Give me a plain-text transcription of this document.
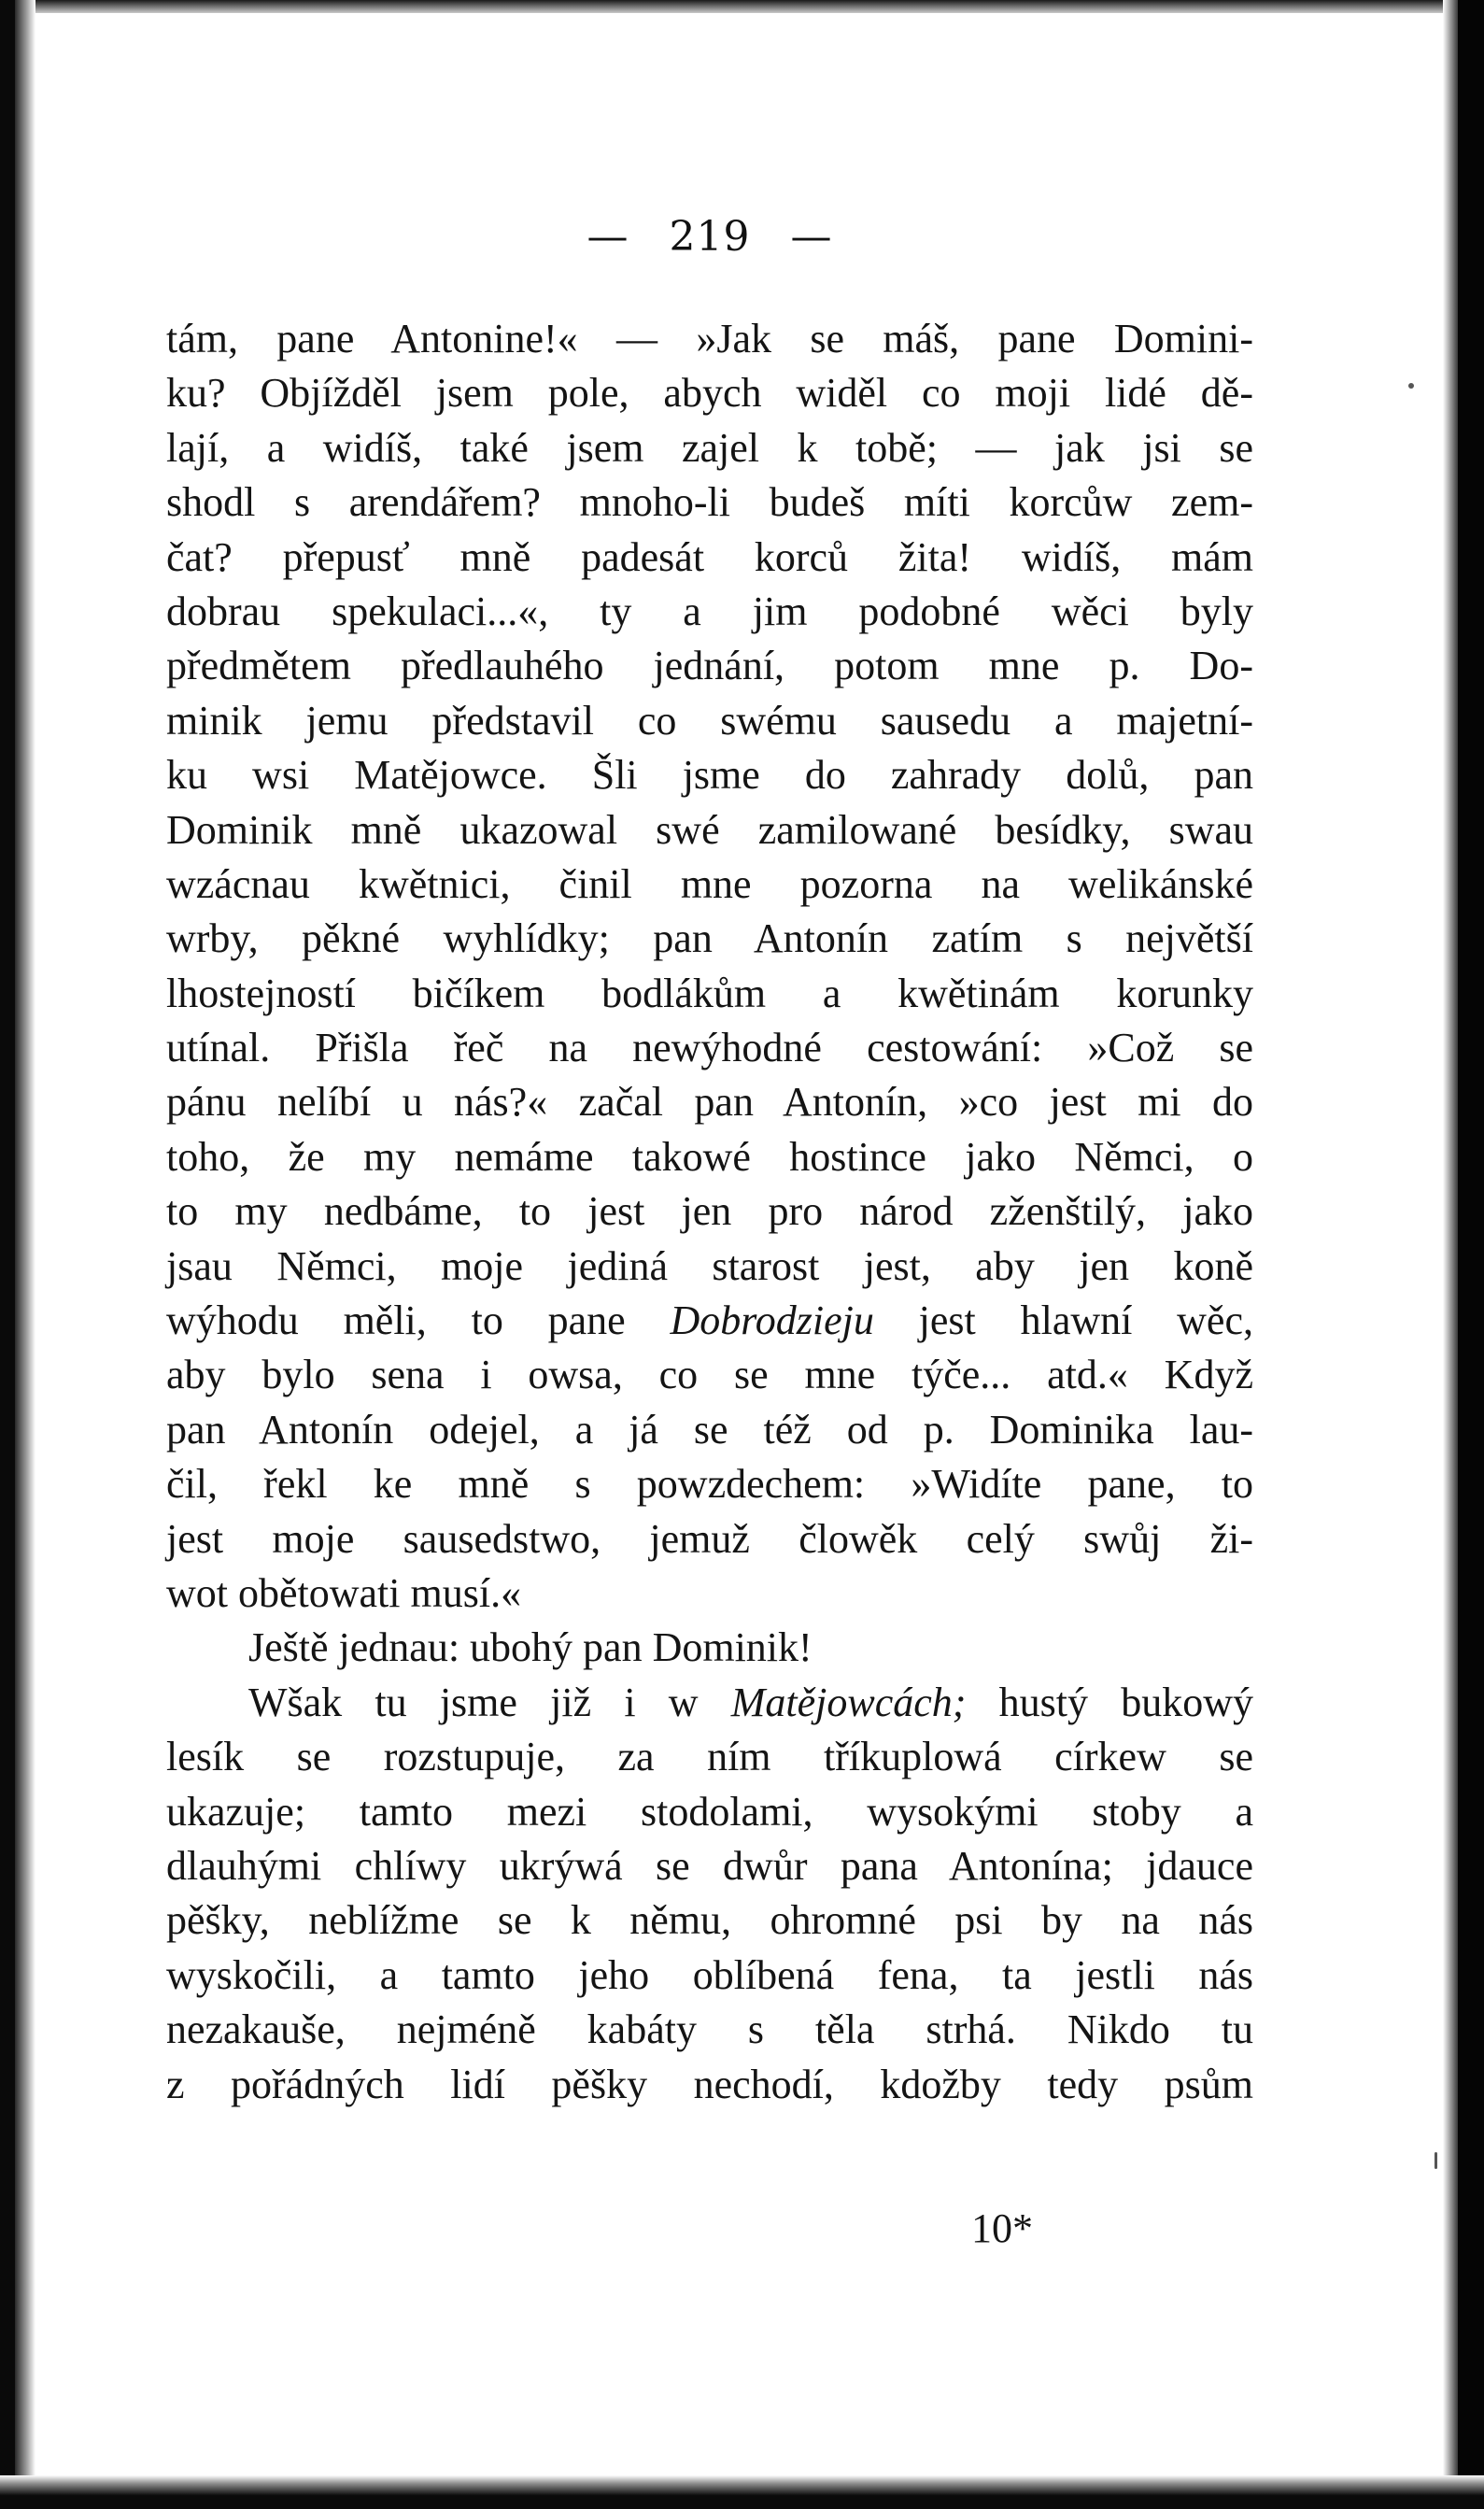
— 219 —
tám, pane Antonine!« — »Jak se máš, pane Domini-
ku? Objížděl jsem pole, abych widěl co moji lidé dě-
lají, a widíš, také jsem zajel k tobě; — jak jsi se
shodl s arendářem? mnoho-li budeš míti korcůw zem-
čat? přepusť mně padesát korců žita! widíš, mám
dobrau spekulaci...«, ty a jim podobné wěci byly
předmětem předlauhého jednání, potom mne p. Do-
minik jemu představil co swému sausedu a majetní-
ku wsi Matějowce. Šli jsme do zahrady dolů, pan
Dominik mně ukazowal swé zamilowané besídky, swau
wzácnau kwětnici, činil mne pozorna na welikánské
wrby, pěkné wyhlídky; pan Antonín zatím s největší
lhostejností bičíkem bodlákům a kwětinám korunky
utínal. Přišla řeč na newýhodné cestowání: »Což se
pánu nelíbí u nás?« začal pan Antonín, »co jest mi do
toho, že my nemáme takowé hostince jako Němci, o
to my nedbáme, to jest jen pro národ zženštilý, jako
jsau Němci, moje jediná starost jest, aby jen koně
wýhodu měli, to pane Dobrodzieju jest hlawní wěc,
aby bylo sena i owsa, co se mne týče... atd.« Když
pan Antonín odejel, a já se též od p. Dominika lau-
čil, řekl ke mně s powzdechem: »Widíte pane, to
jest moje sausedstwo, jemuž člowěk celý swůj ži-
wot obětowati musí.«
Ještě jednau: ubohý pan Dominik!
Wšak tu jsme již i w Matějowcách; hustý bukowý
lesík se rozstupuje, za ním tříkuplowá církew se
ukazuje; tamto mezi stodolami, wysokými stoby a
dlauhými chlíwy ukrýwá se dwůr pana Antonína; jdauce
pěšky, neblížme se k němu, ohromné psi by na nás
wyskočili, a tamto jeho oblíbená fena, ta jestli nás
nezakauše, nejméně kabáty s těla strhá. Nikdo tu
z pořádných lidí pěšky nechodí, kdožby tedy psům
10*
